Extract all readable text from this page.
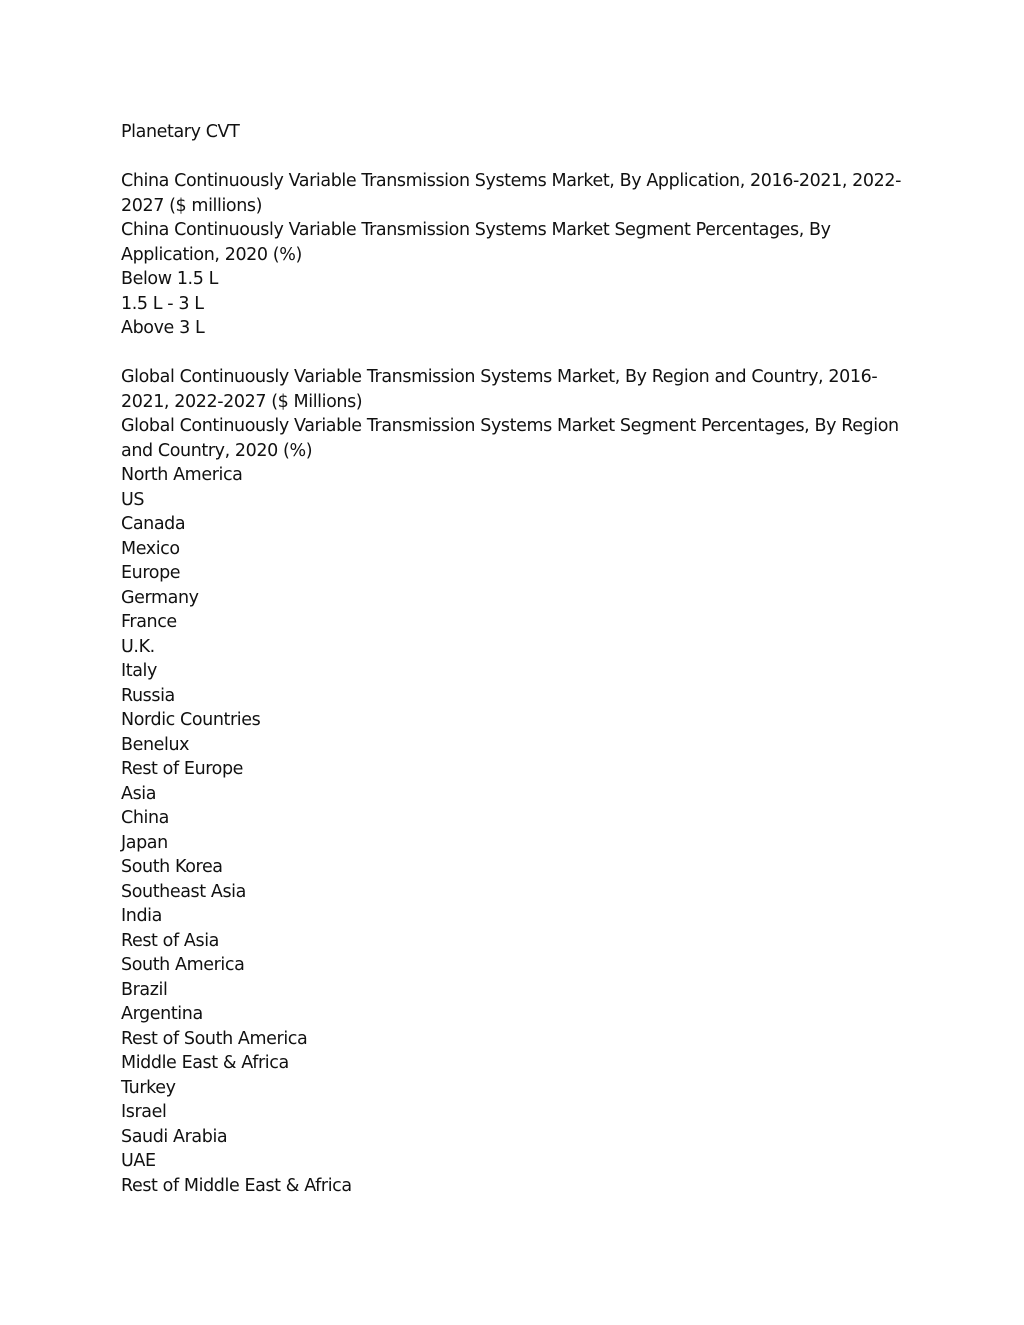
Planetary CVT

China Continuously Variable Transmission Systems Market, By Application, 2016-2021, 2022-2027 ($ millions)

China Continuously Variable Transmission Systems Market Segment Percentages, By Application, 2020 (%)

Below 1.5 L
1.5 L - 3 L
Above 3 L

Global Continuously Variable Transmission Systems Market, By Region and Country, 2016-2021, 2022-2027 ($ Millions)

Global Continuously Variable Transmission Systems Market Segment Percentages, By Region and Country, 2020 (%)

North America
US
Canada
Mexico
Europe
Germany
France
U.K.
Italy
Russia
Nordic Countries
Benelux
Rest of Europe
Asia
China
Japan
South Korea
Southeast Asia
India
Rest of Asia
South America
Brazil
Argentina
Rest of South America
Middle East & Africa
Turkey
Israel
Saudi Arabia
UAE
Rest of Middle East & Africa
